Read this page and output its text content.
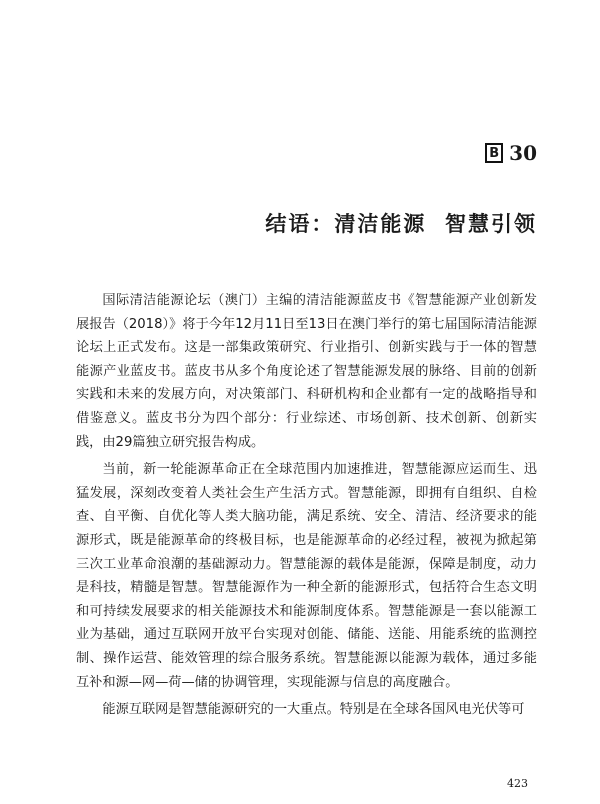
B 30
结语：清洁能源  智慧引领

国际清洁能源论坛（澳门）主编的清洁能源蓝皮书《智慧能源产业创新发展报告（2018）》将于今年12月11日至13日在澳门举行的第七届国际清洁能源论坛上正式发布。这是一部集政策研究、行业指引、创新实践与于一体的智慧能源产业蓝皮书。蓝皮书从多个角度论述了智慧能源发展的脉络、目前的创新实践和未来的发展方向，对决策部门、科研机构和企业都有一定的战略指导和借鉴意义。蓝皮书分为四个部分：行业综述、市场创新、技术创新、创新实践，由29篇独立研究报告构成。

当前，新一轮能源革命正在全球范围内加速推进，智慧能源应运而生、迅猛发展，深刻改变着人类社会生产生活方式。智慧能源，即拥有自组织、自检查、自平衡、自优化等人类大脑功能，满足系统、安全、清洁、经济要求的能源形式，既是能源革命的终极目标，也是能源革命的必经过程，被视为掀起第三次工业革命浪潮的基础源动力。智慧能源的载体是能源，保障是制度，动力是科技，精髓是智慧。智慧能源作为一种全新的能源形式，包括符合生态文明和可持续发展要求的相关能源技术和能源制度体系。智慧能源是一套以能源工业为基础，通过互联网开放平台实现对创能、储能、送能、用能系统的监测控制、操作运营、能效管理的综合服务系统。智慧能源以能源为载体，通过多能互补和源—网—荷—储的协调管理，实现能源与信息的高度融合。

能源互联网是智慧能源研究的一大重点。特别是在全球各国风电光伏等可

423
